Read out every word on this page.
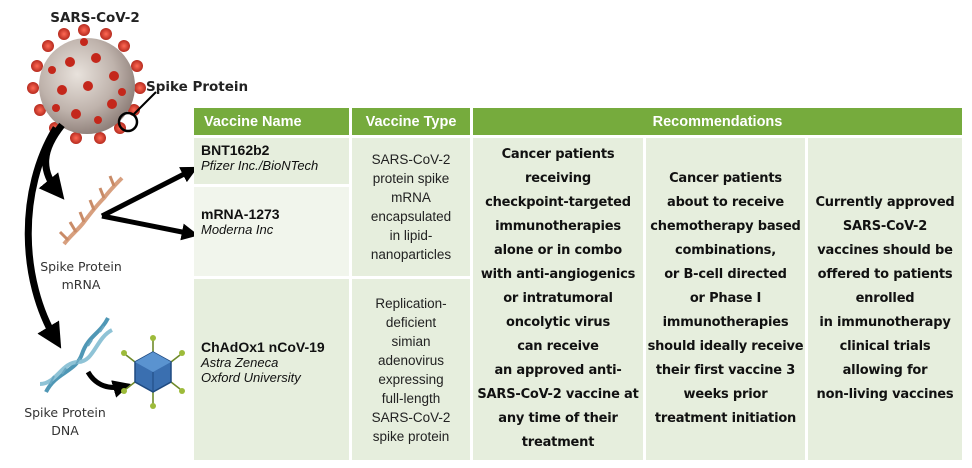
SARS-CoV-2
Spike Protein
Spike Protein
mRNA
Spike Protein
DNA
Vaccine Name	Vaccine Type	Recommendations
BNT162b2
Pfizer Inc./BioNTech
mRNA-1273
Moderna Inc
ChAdOx1 nCoV-19
Astra Zeneca
Oxford University
SARS-CoV-2
protein spike
mRNA
encapsulated
in lipid-
nanoparticles
Replication-
deficient
simian
adenovirus
expressing
full-length
SARS-CoV-2
spike protein
Cancer patients
receiving
checkpoint-targeted
immunotherapies
alone or in combo
with anti-angiogenics
or intratumoral
oncolytic virus
can receive
an approved anti-
SARS-CoV-2 vaccine at
any time of their
treatment
Cancer patients
about to receive
chemotherapy based
combinations,
or B-cell directed
or Phase I
immunotherapies
should ideally receive
their first vaccine 3
weeks prior
treatment initiation
Currently approved
SARS-CoV-2
vaccines should be
offered to patients
enrolled
in immunotherapy
clinical trials
allowing for
non-living vaccines
